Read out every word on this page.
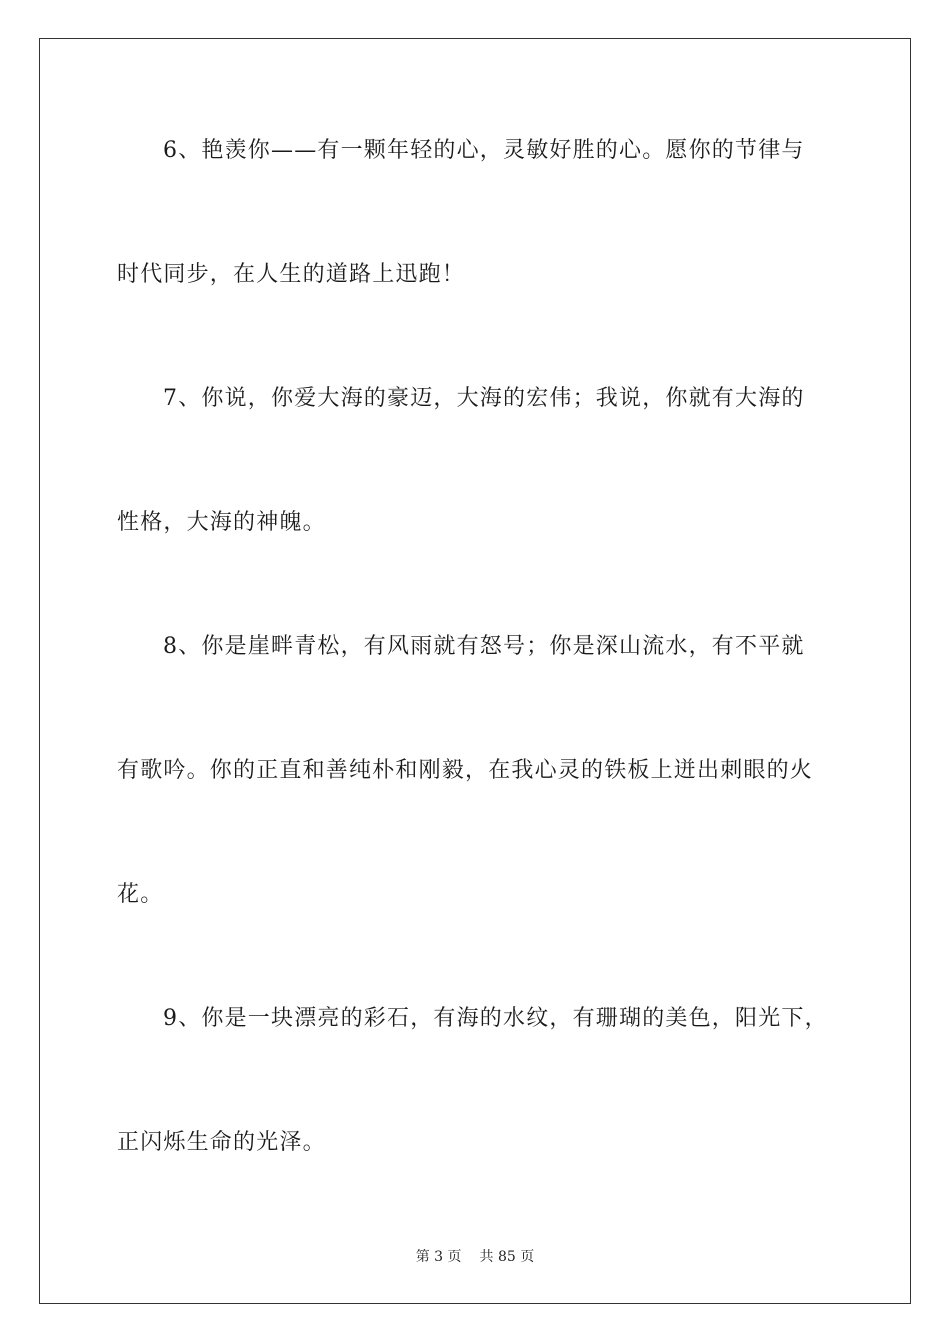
6、艳羡你——有一颗年轻的心，灵敏好胜的心。愿你的节律与
时代同步，在人生的道路上迅跑！
7、你说，你爱大海的豪迈，大海的宏伟；我说，你就有大海的
性格，大海的神魄。
8、你是崖畔青松，有风雨就有怒号；你是深山流水，有不平就
有歌吟。你的正直和善纯朴和刚毅，在我心灵的铁板上迸出刺眼的火
花。
9、你是一块漂亮的彩石，有海的水纹，有珊瑚的美色，阳光下，
正闪烁生命的光泽。
第 3 页 共 85 页
